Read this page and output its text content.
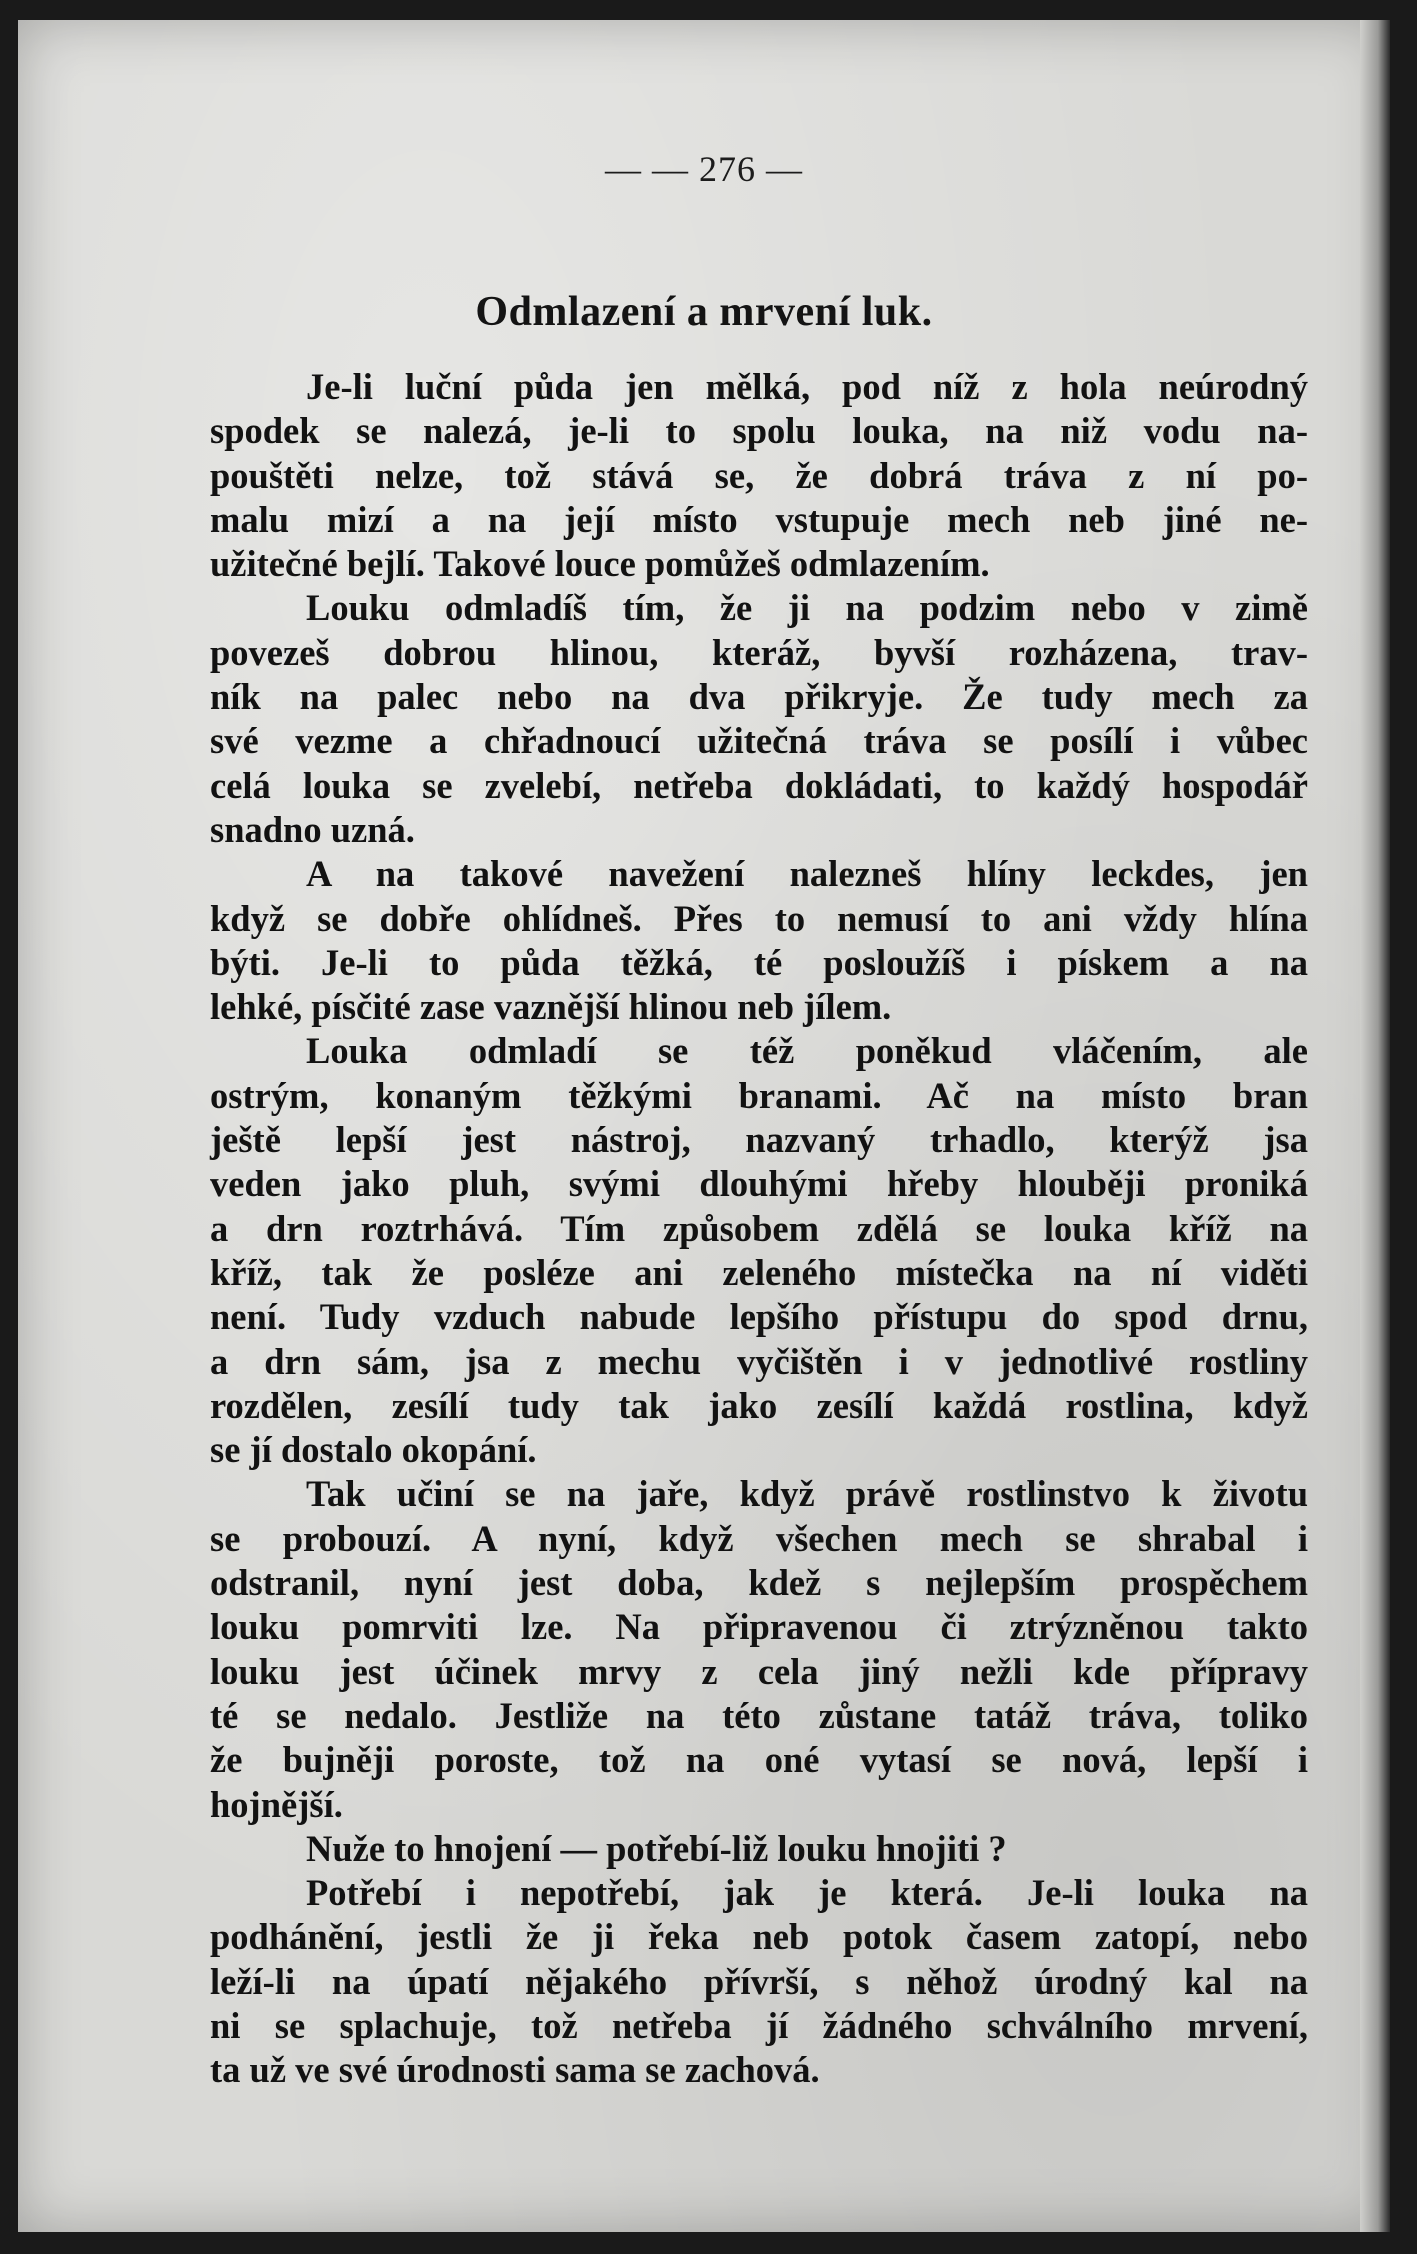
— — 276 —
Odmlazení a mrvení luk.
Je-li luční půda jen mělká, pod níž z hola neúrodný
spodek se nalezá, je-li to spolu louka, na niž vodu na-
pouštěti nelze, tož stává se, že dobrá tráva z ní po-
malu mizí a na její místo vstupuje mech neb jiné ne-
užitečné bejlí. Takové louce pomůžeš odmlazením.
Louku odmladíš tím, že ji na podzim nebo v zimě
povezeš dobrou hlinou, kteráž, byvší rozházena, trav-
ník na palec nebo na dva přikryje. Že tudy mech za
své vezme a chřadnoucí užitečná tráva se posílí i vůbec
celá louka se zvelebí, netřeba dokládati, to každý hospodář
snadno uzná.
A na takové navežení nalezneš hlíny leckdes, jen
když se dobře ohlídneš. Přes to nemusí to ani vždy hlína
býti. Je-li to půda těžká, té posloužíš i pískem a na
lehké, písčité zase vaznější hlinou neb jílem.
Louka odmladí se též poněkud vláčením, ale
ostrým, konaným těžkými branami. Ač na místo bran
ještě lepší jest nástroj, nazvaný trhadlo, kterýž jsa
veden jako pluh, svými dlouhými hřeby hlouběji proniká
a drn roztrhává. Tím způsobem zdělá se louka kříž na
kříž, tak že posléze ani zeleného místečka na ní viděti
není. Tudy vzduch nabude lepšího přístupu do spod drnu,
a drn sám, jsa z mechu vyčištěn i v jednotlivé rostliny
rozdělen, zesílí tudy tak jako zesílí každá rostlina, když
se jí dostalo okopání.
Tak učiní se na jaře, když právě rostlinstvo k životu
se probouzí. A nyní, když všechen mech se shrabal i
odstranil, nyní jest doba, kdež s nejlepším prospěchem
louku pomrviti lze. Na připravenou či ztrýzněnou takto
louku jest účinek mrvy z cela jiný nežli kde přípravy
té se nedalo. Jestliže na této zůstane tatáž tráva, toliko
že bujněji poroste, tož na oné vytasí se nová, lepší i
hojnější.
Nuže to hnojení — potřebí-liž louku hnojiti ?
Potřebí i nepotřebí, jak je která. Je-li louka na
podhánění, jestli že ji řeka neb potok časem zatopí, nebo
leží-li na úpatí nějakého přívrší, s něhož úrodný kal na
ni se splachuje, tož netřeba jí žádného schválního mrvení,
ta už ve své úrodnosti sama se zachová.
